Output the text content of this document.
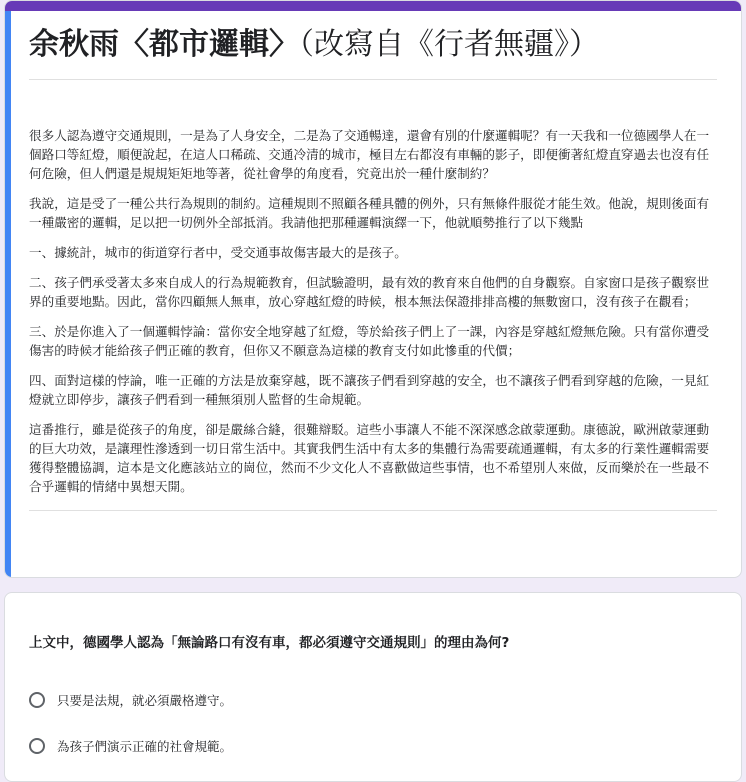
余秋雨〈都市邏輯〉（改寫自《行者無疆》）

很多人認為遵守交通規則，一是為了人身安全，二是為了交通暢達，還會有別的什麼邏輯呢？有一天我和一位德國學人在一個路口等紅燈，順便說起，在這人口稀疏、交通冷清的城市，極目左右都沒有車輛的影子，即便衝著紅燈直穿過去也沒有任何危險，但人們還是規規矩矩地等著，從社會學的角度看，究竟出於一種什麼制約？

我說，這是受了一種公共行為規則的制約。這種規則不照顧各種具體的例外，只有無條件服從才能生效。他說，規則後面有一種嚴密的邏輯，足以把一切例外全部抵消。我請他把那種邏輯演繹一下，他就順勢推行了以下幾點

一、據統計，城市的街道穿行者中，受交通事故傷害最大的是孩子。

二、孩子們承受著太多來自成人的行為規範教育，但試驗證明，最有效的教育來自他們的自身觀察。自家窗口是孩子觀察世界的重要地點。因此，當你四顧無人無車，放心穿越紅燈的時候，根本無法保證排排高樓的無數窗口，沒有孩子在觀看；

三、於是你進入了一個邏輯悖論：當你安全地穿越了紅燈，等於給孩子們上了一課，內容是穿越紅燈無危險。只有當你遭受傷害的時候才能給孩子們正確的教育，但你又不願意為這樣的教育支付如此慘重的代價；

四、面對這樣的悖論，唯一正確的方法是放棄穿越，既不讓孩子們看到穿越的安全，也不讓孩子們看到穿越的危險，一見紅燈就立即停步，讓孩子們看到一種無須別人監督的生命規範。

這番推行，雖是從孩子的角度，卻是嚴絲合縫，很難辯駁。這些小事讓人不能不深深感念啟蒙運動。康德說，歐洲啟蒙運動的巨大功效，是讓理性滲透到一切日常生活中。其實我們生活中有太多的集體行為需要疏通邏輯，有太多的行業性邏輯需要獲得整體協調，這本是文化應該站立的崗位，然而不少文化人不喜歡做這些事情，也不希望別人來做，反而樂於在一些最不合乎邏輯的情緒中異想天開。

上文中，德國學人認為「無論路口有沒有車，都必須遵守交通規則」的理由為何?
只要是法規，就必須嚴格遵守。
為孩子們演示正確的社會規範。
